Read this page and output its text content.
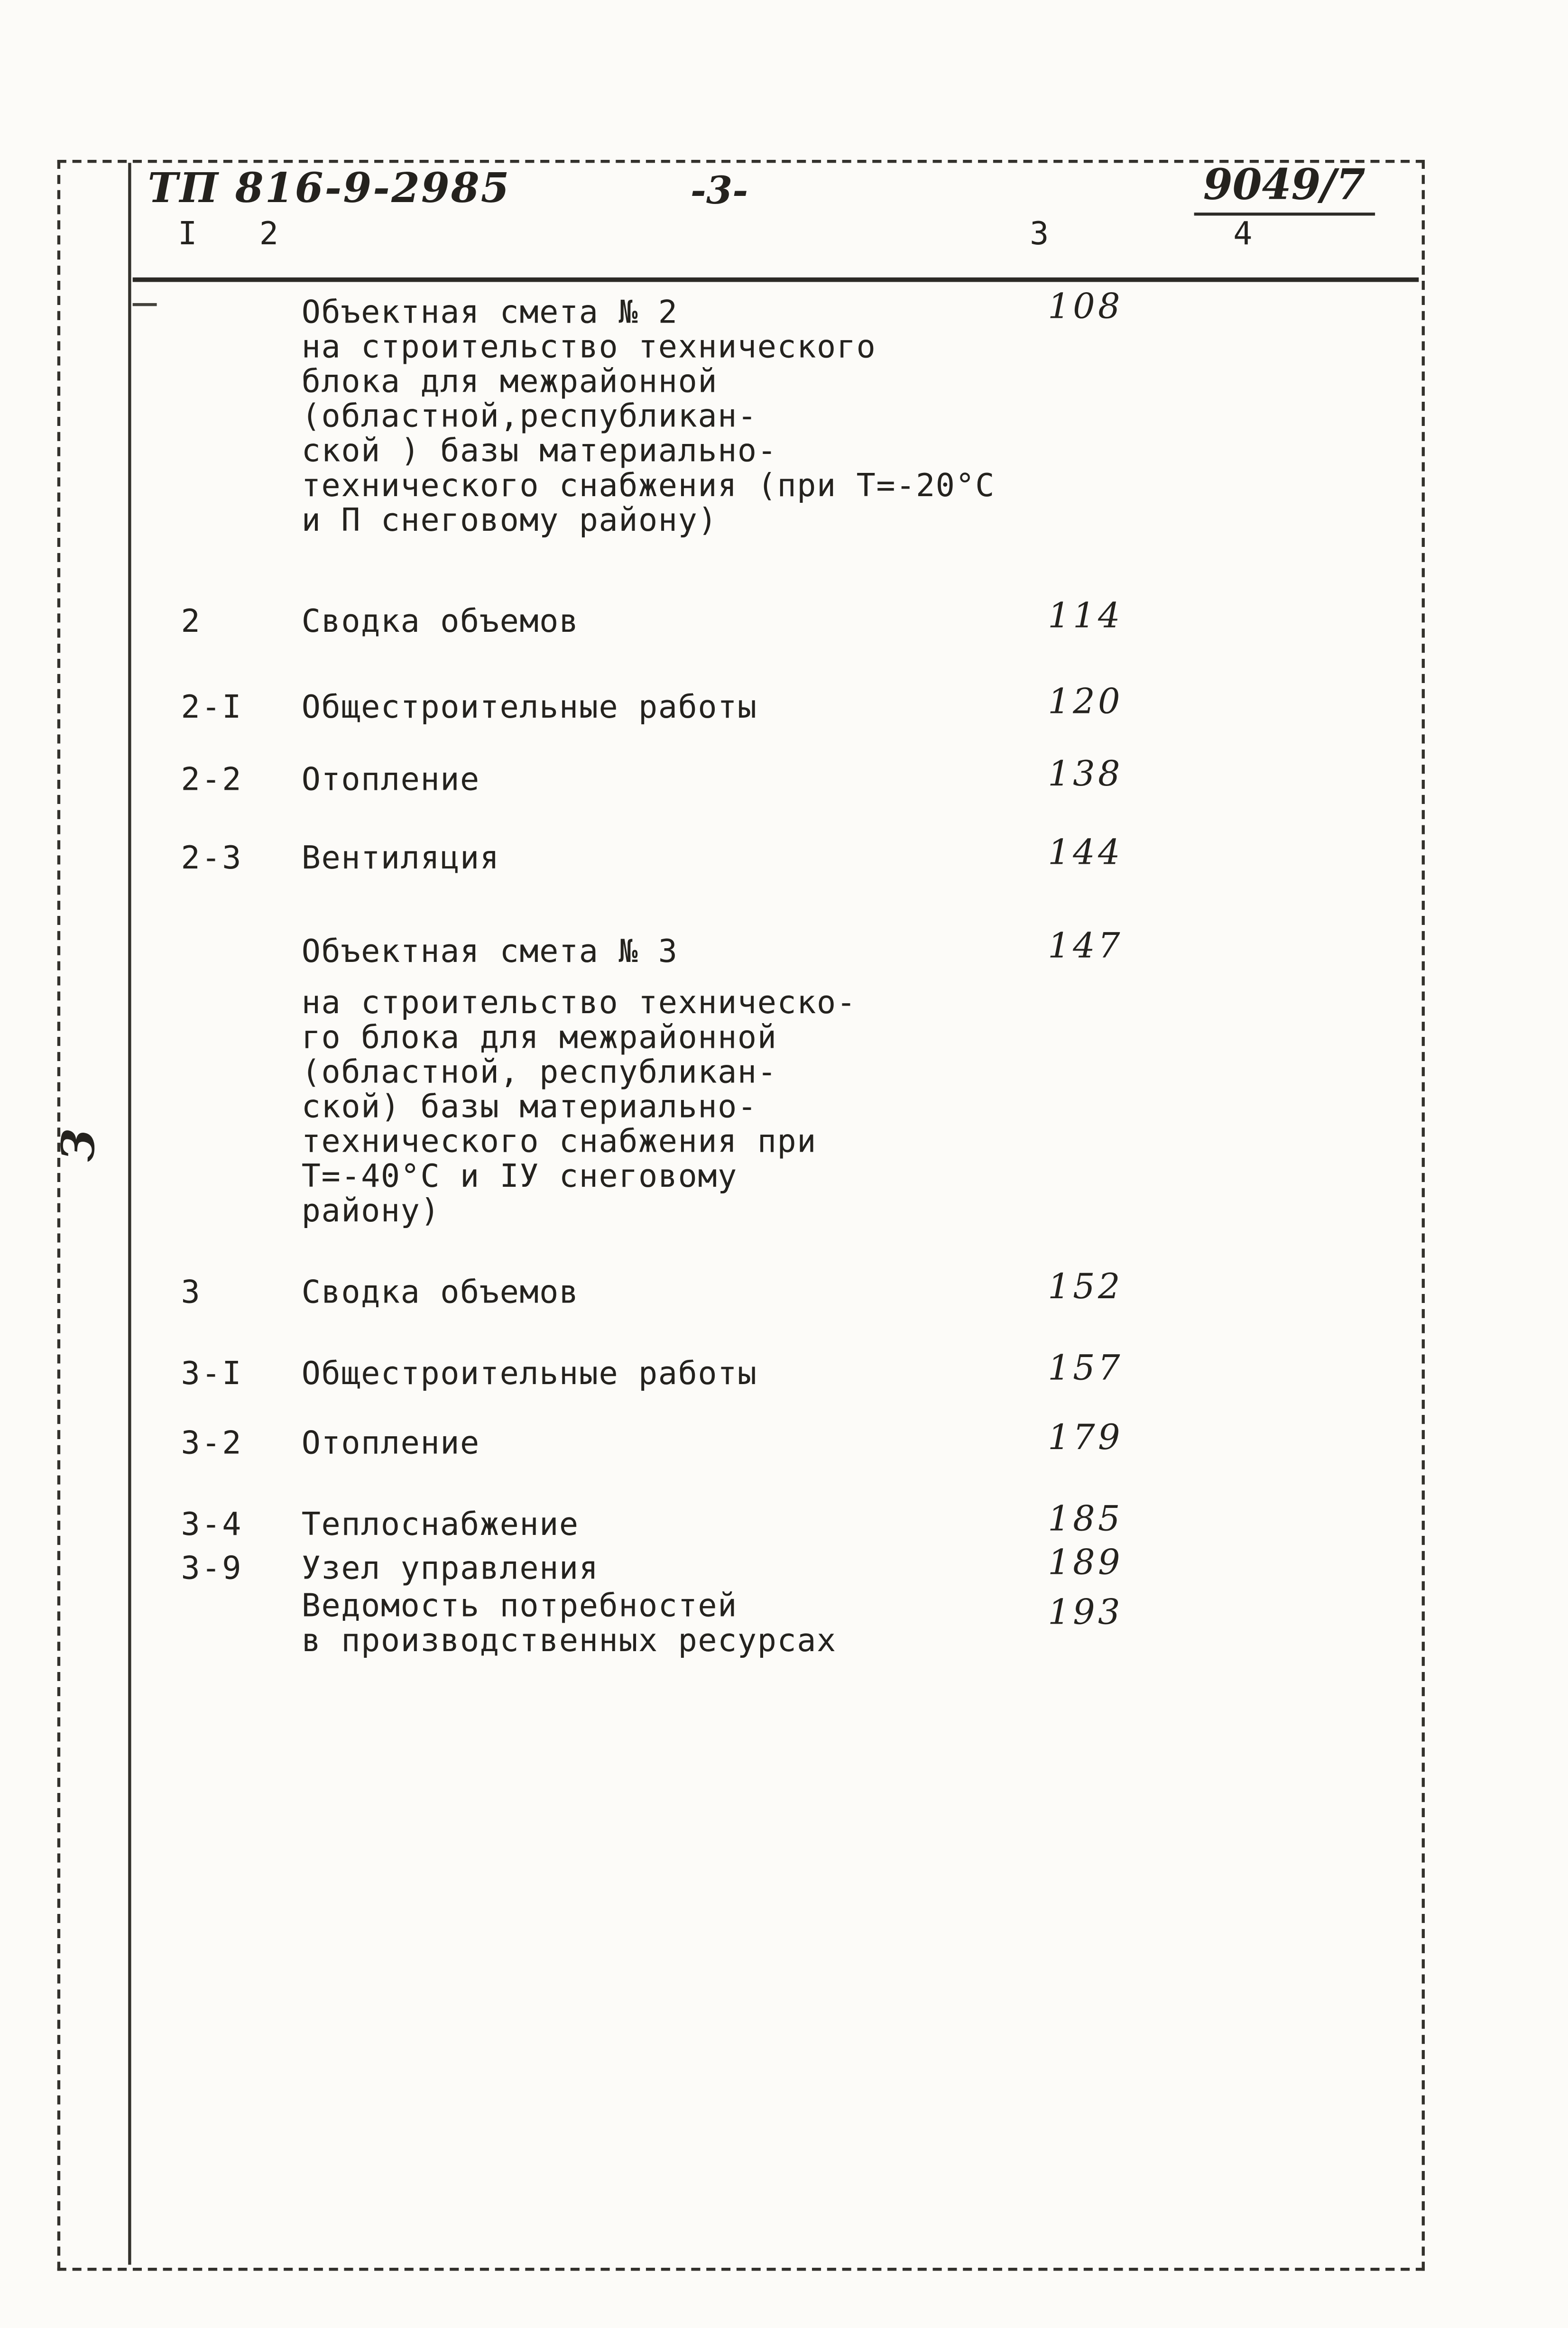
ТП 816-9-2985	-3-	9049/7
I	2	3	4
З
Объектная смета № 2
на строительство технического
блока для межрайонной
(областной,республикан-
ской ) базы материально-
технического снабжения (при Т=-20°С
и П снеговому району)
108
2	Сводка объемов	114
2-I	Общестроительные работы	120
2-2	Отопление	138
2-3	Вентиляция	144
Объектная смета № 3
на строительство техническо-
го блока для межрайонной
(областной, республикан-
ской) базы материально-
технического снабжения при
Т=-40°С и IУ снеговому
району)
147
3	Сводка объемов	152
3-I	Общестроительные работы	157
3-2	Отопление	179
3-4	Теплоснабжение	185
3-9	Узел управления	189
Ведомость потребностей
в производственных ресурсах
193
